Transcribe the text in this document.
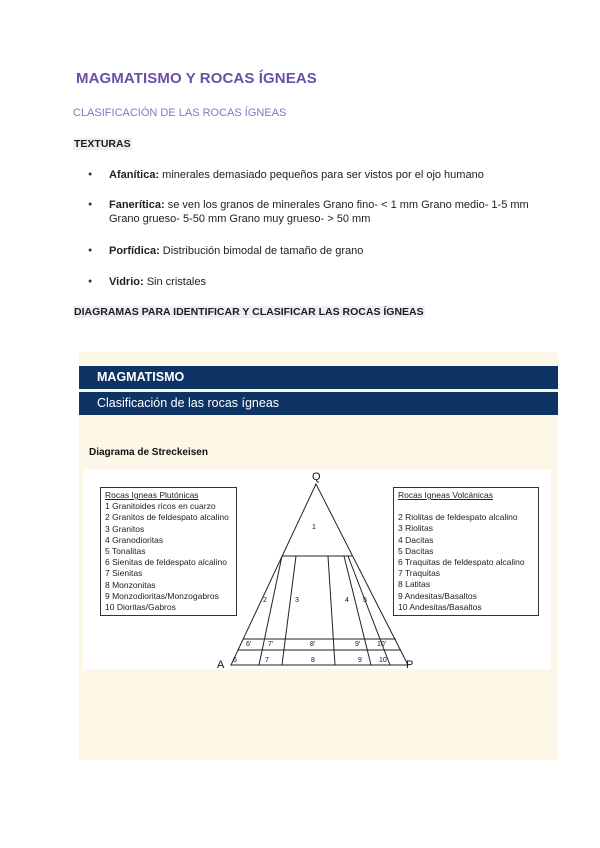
MAGMATISMO Y ROCAS ÍGNEAS
CLASIFICACIÓN DE LAS ROCAS ÍGNEAS
TEXTURAS
● Afanítica: minerales demasiado pequeños para ser vistos por el ojo humano
● Fanerítica: se ven los granos de minerales Grano fino- < 1 mm Grano medio- 1-5 mm
Grano grueso- 5-50 mm Grano muy grueso- > 50 mm
● Porfídica: Distribución bimodal de tamaño de grano
● Vidrio: Sin cristales
DIAGRAMAS PARA IDENTIFICAR Y CLASIFICAR LAS ROCAS ÍGNEAS
MAGMATISMO
Clasificación de las rocas ígneas
Diagrama de Streckeisen
Q
A	P
1
2	3	4 5
6' 7'	8'	9' 10'
6	7	8	9 10
Rocas Igneas Plutónicas
1 Granitoides ricos en cuarzo
2 Granitos de feldespato alcalino
3 Granitos
4 Granodioritas
5 Tonalitas
6 Sienitas de feldespato alcalino
7 Sienitas
8 Monzonitas
9 Monzodioritas/Monzogabros
10 Dioritas/Gabros
Rocas Igneas Volcánicas
2 Riolitas de feldespato alcalino
3 Riolitas
4 Dacitas
5 Dacitas
6 Traquitas de feldespato alcalino
7 Traquitas
8 Latitas
9 Andesitas/Basaltos
10 Andesitas/Basaltos
